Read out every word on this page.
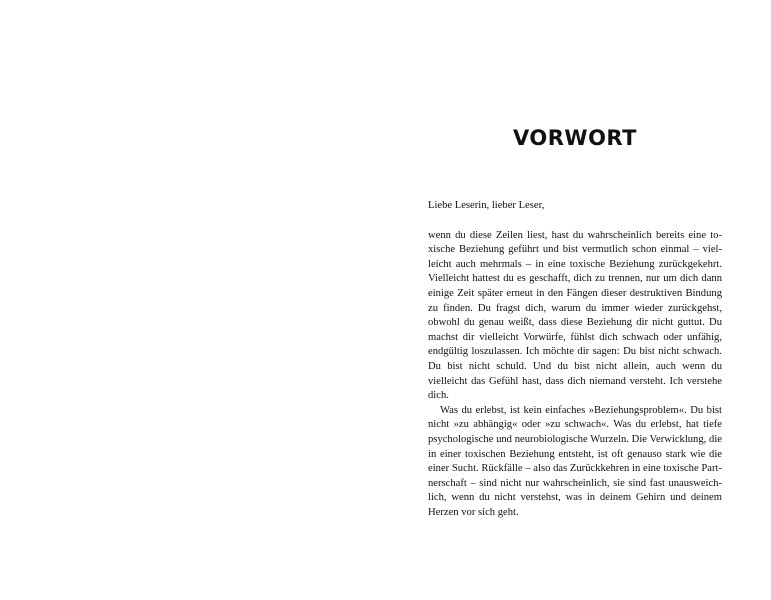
VORWORT

Liebe Leserin, lieber Leser,

wenn du diese Zeilen liest, hast du wahrscheinlich bereits eine toxische Beziehung geführt und bist vermutlich schon einmal – vielleicht auch mehrmals – in eine toxische Beziehung zurückgekehrt. Vielleicht hattest du es geschafft, dich zu trennen, nur um dich dann einige Zeit später erneut in den Fängen dieser destruktiven Bindung zu finden. Du fragst dich, warum du immer wieder zurückgehst, obwohl du genau weißt, dass diese Beziehung dir nicht guttut. Du machst dir vielleicht Vorwürfe, fühlst dich schwach oder unfähig, endgültig loszulassen. Ich möchte dir sagen: Du bist nicht schwach. Du bist nicht schuld. Und du bist nicht allein, auch wenn du vielleicht das Gefühl hast, dass dich niemand versteht. Ich verstehe dich.

Was du erlebst, ist kein einfaches »Beziehungsproblem«. Du bist nicht »zu abhängig« oder »zu schwach«. Was du erlebst, hat tiefe psychologische und neurobiologische Wurzeln. Die Verwicklung, die in einer toxischen Beziehung entsteht, ist oft genauso stark wie die einer Sucht. Rückfälle – also das Zurückkehren in eine toxische Partnerschaft – sind nicht nur wahrscheinlich, sie sind fast unausweichlich, wenn du nicht verstehst, was in deinem Gehirn und deinem Herzen vor sich geht.
